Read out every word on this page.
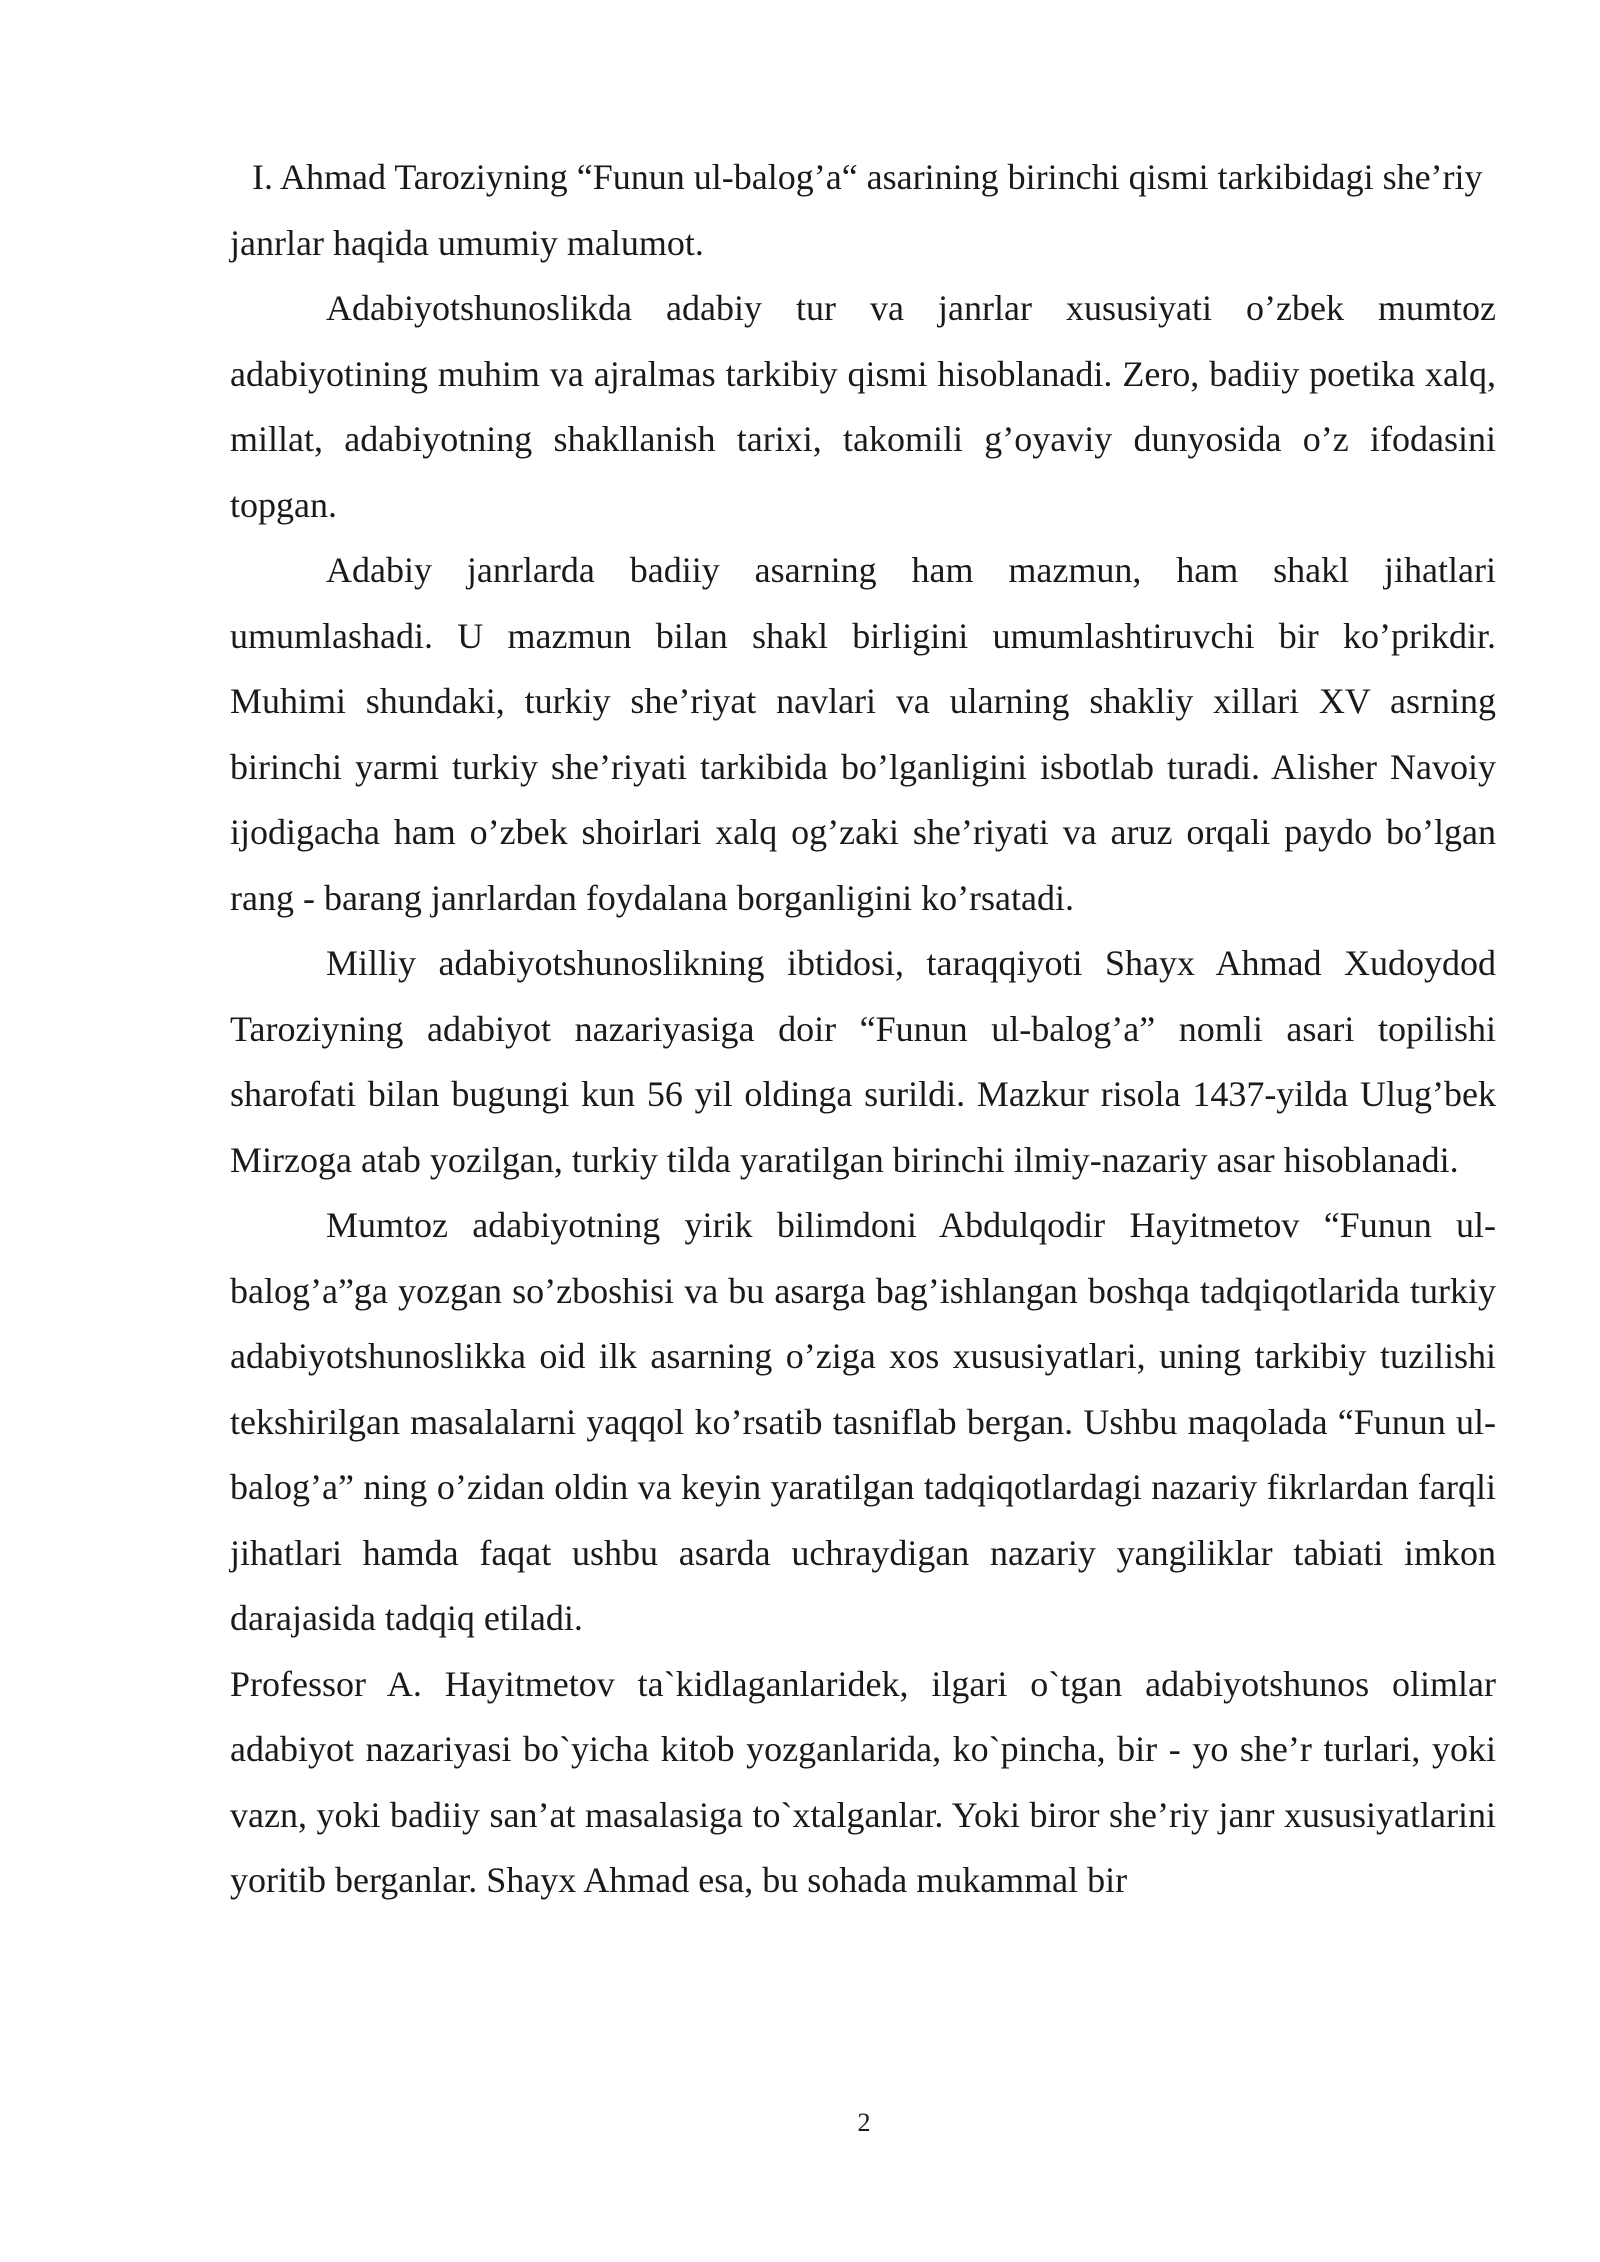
I. Ahmad Taroziyning “Funun ul-balog’a“ asarining birinchi qismi tarkibidagi she’riy janrlar haqida umumiy malumot.

Adabiyotshunoslikda adabiy tur va janrlar xususiyati o’zbek mumtoz adabiyotining muhim va ajralmas tarkibiy qismi hisoblanadi. Zero, badiiy poetika xalq, millat, adabiyotning shakllanish tarixi, takomili g’oyaviy dunyosida o’z ifodasini topgan.

Adabiy janrlarda badiiy asarning ham mazmun, ham shakl jihatlari umumlashadi. U mazmun bilan shakl birligini umumlashtiruvchi bir ko’prikdir. Muhimi shundaki, turkiy she’riyat navlari va ularning shakliy xillari XV asrning birinchi yarmi turkiy she’riyati tarkibida bo’lganligini isbotlab turadi. Alisher Navoiy ijodigacha ham o’zbek shoirlari xalq og’zaki she’riyati va aruz orqali paydo bo’lgan rang - barang janrlardan foydalana borganligini ko’rsatadi.

Milliy adabiyotshunoslikning ibtidosi, taraqqiyoti Shayx Ahmad Xudoydod Taroziyning adabiyot nazariyasiga doir “Funun ul-balog’a” nomli asari topilishi sharofati bilan bugungi kun 56 yil oldinga surildi. Mazkur risola 1437-yilda Ulug’bek Mirzoga atab yozilgan, turkiy tilda yaratilgan birinchi ilmiy-nazariy asar hisoblanadi.

Mumtoz adabiyotning yirik bilimdoni Abdulqodir Hayitmetov “Funun ul-balog’a”ga yozgan so’zboshisi va bu asarga bag’ishlangan boshqa tadqiqotlarida turkiy adabiyotshunoslikka oid ilk asarning o’ziga xos xususiyatlari, uning tarkibiy tuzilishi tekshirilgan masalalarni yaqqol ko’rsatib tasniflab bergan. Ushbu maqolada “Funun ul-balog’a” ning o’zidan oldin va keyin yaratilgan tadqiqotlardagi nazariy fikrlardan farqli jihatlari hamda faqat ushbu asarda uchraydigan nazariy yangiliklar tabiati imkon darajasida tadqiq etiladi.

Professor A. Hayitmetov ta`kidlaganlaridek, ilgari o`tgan adabiyotshunos olimlar adabiyot nazariyasi bo`yicha kitob yozganlarida, ko`pincha, bir - yo she’r turlari, yoki vazn, yoki badiiy san’at masalasiga to`xtalganlar. Yoki biror she’riy janr xususiyatlarini yoritib berganlar. Shayx Ahmad esa, bu sohada mukammal bir

2
